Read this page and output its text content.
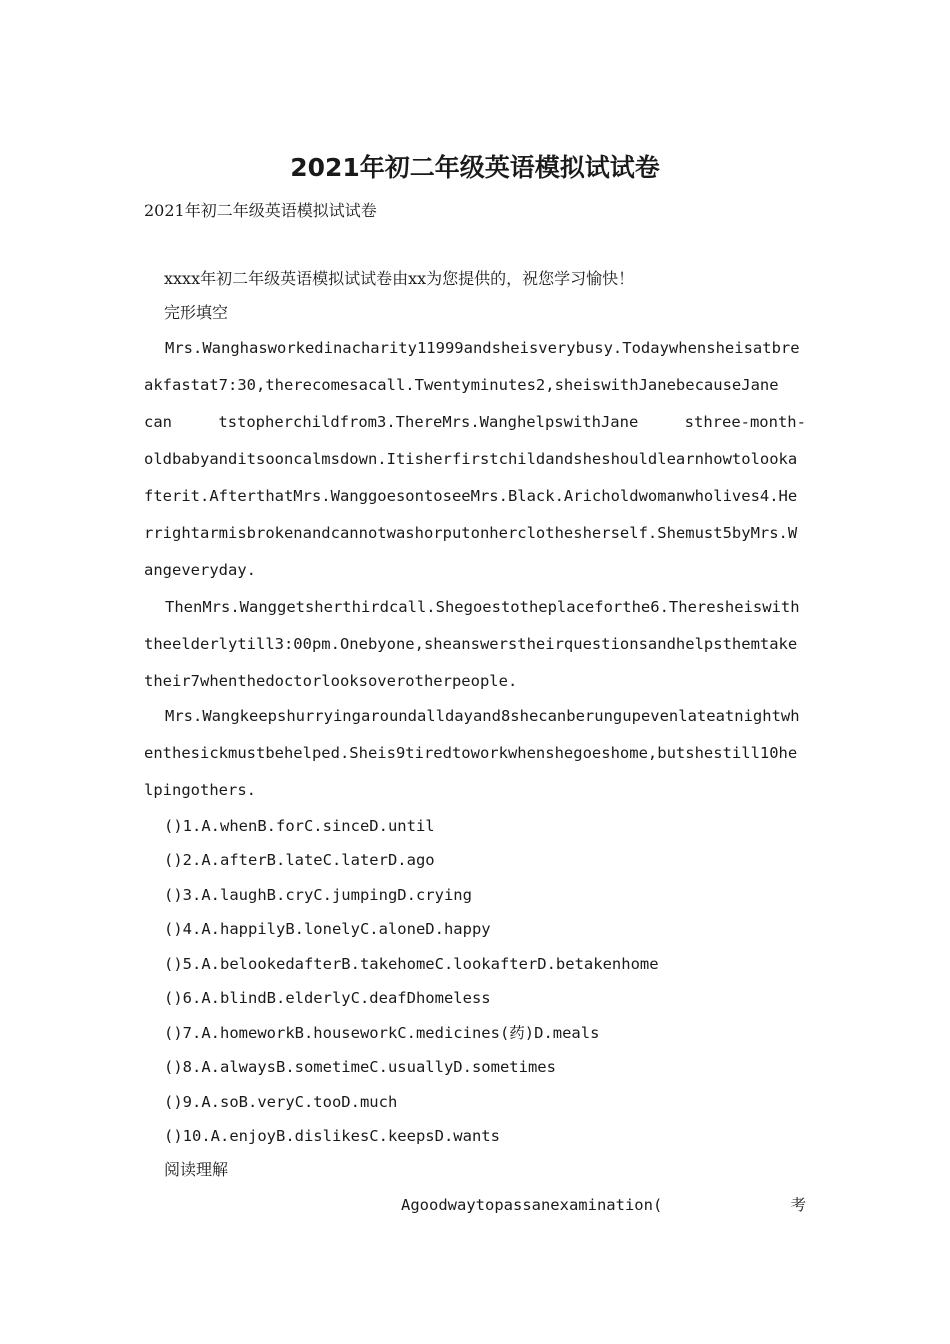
2021年初二年级英语模拟试试卷
2021年初二年级英语模拟试试卷
xxxx年初二年级英语模拟试试卷由xx为您提供的，祝您学习愉快！
完形填空

Mrs.Wanghasworkedinacharity11999andsheisverybusy.Todaywhensheisatbreakfastat7:30,therecomesacall.Twentyminutes2,sheiswithJanebecauseJane

can	tstopherchildfrom3.ThereMrs.WanghelpswithJane	sthree-month-

oldbabyanditsooncalmsdown.Itisherfirstchildandsheshouldlearnhowtolookafterit.AfterthatMrs.WanggoesontoseeMrs.Black.Aricholdwomanwholives4.Herrightarmisbrokenandcannotwashorputonherclothesherself.Shemust5byMrs.Wangeveryday.

ThenMrs.Wanggetsherthirdcall.Shegoestotheplaceforthe6.Theresheiswiththeelderlytill3:00pm.Onebyone,sheanswerstheirquestionsandhelpsthemtaketheir7whenthedoctorlooksoverotherpeople.

Mrs.Wangkeepshurryingaroundalldayand8shecanberungupevenlateatnightwhenthesickmustbehelped.Sheis9tiredtoworkwhenshegoeshome,butshestill10helpingothers.

()1.A.whenB.forC.sinceD.until
()2.A.afterB.lateC.laterD.ago
()3.A.laughB.cryC.jumpingD.crying
()4.A.happilyB.lonelyC.aloneD.happy
()5.A.belookedafterB.takehomeC.lookafterD.betakenhome
()6.A.blindB.elderlyC.deafDhomeless
()7.A.homeworkB.houseworkC.medicines(药)D.meals
()8.A.alwaysB.sometimeC.usuallyD.sometimes
()9.A.soB.veryC.tooD.much
()10.A.enjoyB.dislikesC.keepsD.wants
阅读理解
Agoodwaytopassanexamination(	考
